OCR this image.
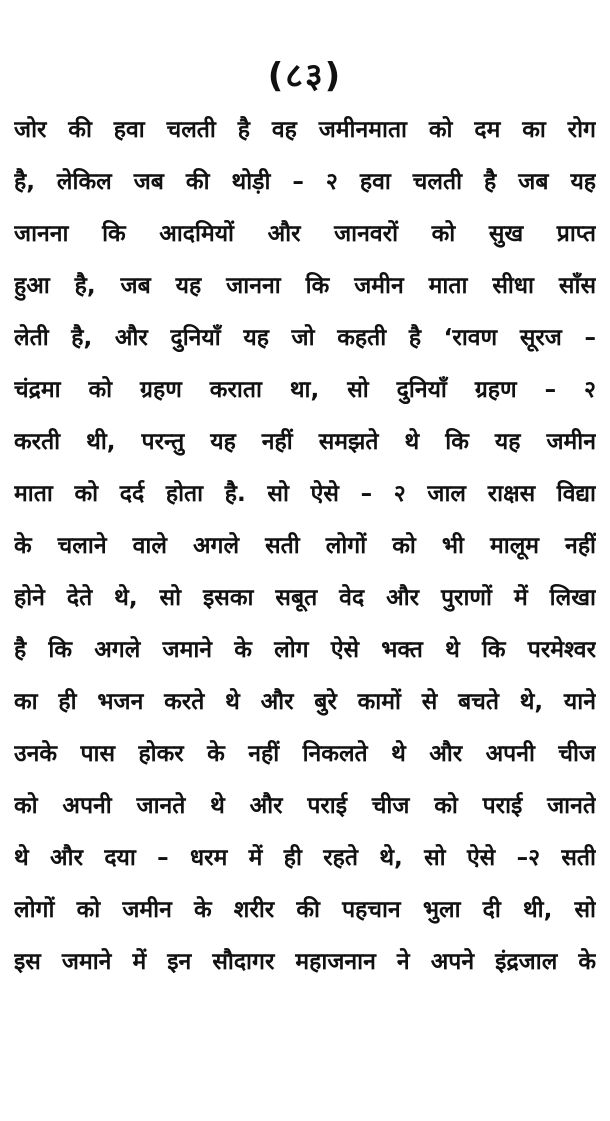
(८३)
जोर की हवा चलती है वह जमीनमाता को दम का रोग
है, लेकिल जब की थोड़ी – २ हवा चलती है जब यह
जानना कि आदमियों और जानवरों को सुख प्राप्त
हुआ है, जब यह जानना कि जमीन माता सीधा साँस
लेती है, और दुनियाँ यह जो कहती है ‘रावण सूरज –
चंद्रमा को ग्रहण कराता था, सो दुनियाँ ग्रहण – २
करती थी, परन्तु यह नहीं समझते थे कि यह जमीन
माता को दर्द होता है. सो ऐसे – २ जाल राक्षस विद्या
के चलाने वाले अगले सती लोगों को भी मालूम नहीं
होने देते थे, सो इसका सबूत वेद और पुराणों में लिखा
है कि अगले जमाने के लोग ऐसे भक्त थे कि परमेश्वर
का ही भजन करते थे और बुरे कामों से बचते थे, याने
उनके पास होकर के नहीं निकलते थे और अपनी चीज
को अपनी जानते थे और पराई चीज को पराई जानते
थे और दया – धरम में ही रहते थे, सो ऐसे –२ सती
लोगों को जमीन के शरीर की पहचान भुला दी थी, सो
इस जमाने में इन सौदागर महाजनान ने अपने इंद्रजाल के
